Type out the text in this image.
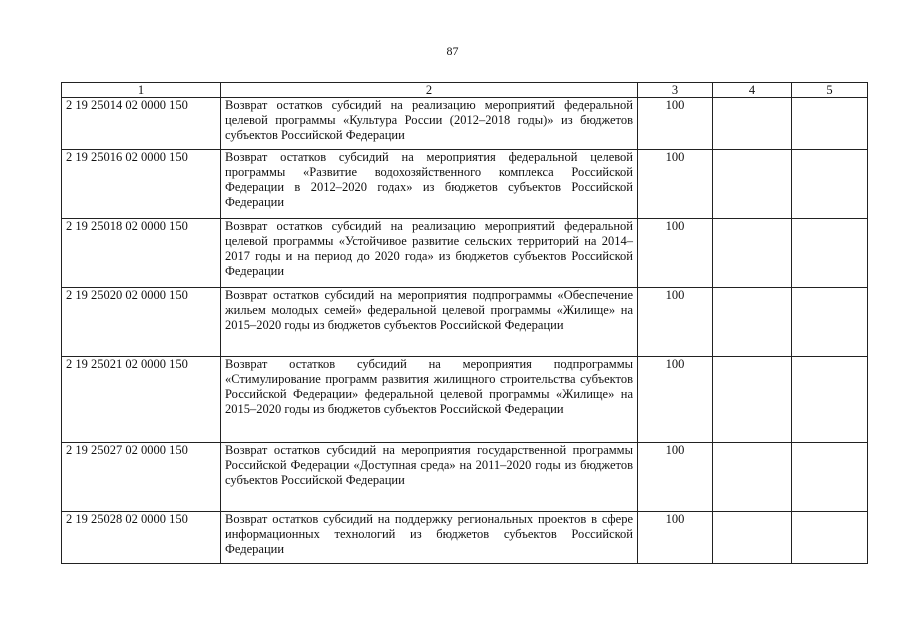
87
1	2	3	4	5
2 19 25014 02 0000 150	Возврат остатков субсидий на реализацию мероприятий федеральной целевой программы «Культура России (2012–2018 годы)» из бюджетов субъектов Российской Федерации	100		
2 19 25016 02 0000 150	Возврат остатков субсидий на мероприятия федеральной целевой программы «Развитие водохозяйственного комплекса Российской Федерации в 2012–2020 годах» из бюджетов субъектов Российской Федерации	100		
2 19 25018 02 0000 150	Возврат остатков субсидий на реализацию мероприятий федеральной целевой программы «Устойчивое развитие сельских территорий на 2014–2017 годы и на период до 2020 года» из бюджетов субъектов Российской Федерации	100		
2 19 25020 02 0000 150	Возврат остатков субсидий на мероприятия подпрограммы «Обеспечение жильем молодых семей» федеральной целевой программы «Жилище» на 2015–2020 годы из бюджетов субъектов Российской Федерации	100		
2 19 25021 02 0000 150	Возврат остатков субсидий на мероприятия подпрограммы «Стимулирование программ развития жилищного строительства субъектов Российской Федерации» федеральной целевой программы «Жилище» на 2015–2020 годы из бюджетов субъектов Российской Федерации	100		
2 19 25027 02 0000 150	Возврат остатков субсидий на мероприятия государственной программы Российской Федерации «Доступная среда» на 2011–2020 годы из бюджетов субъектов Российской Федерации	100		
2 19 25028 02 0000 150	Возврат остатков субсидий на поддержку региональных проектов в сфере информационных технологий из бюджетов субъектов Российской Федерации	100		
